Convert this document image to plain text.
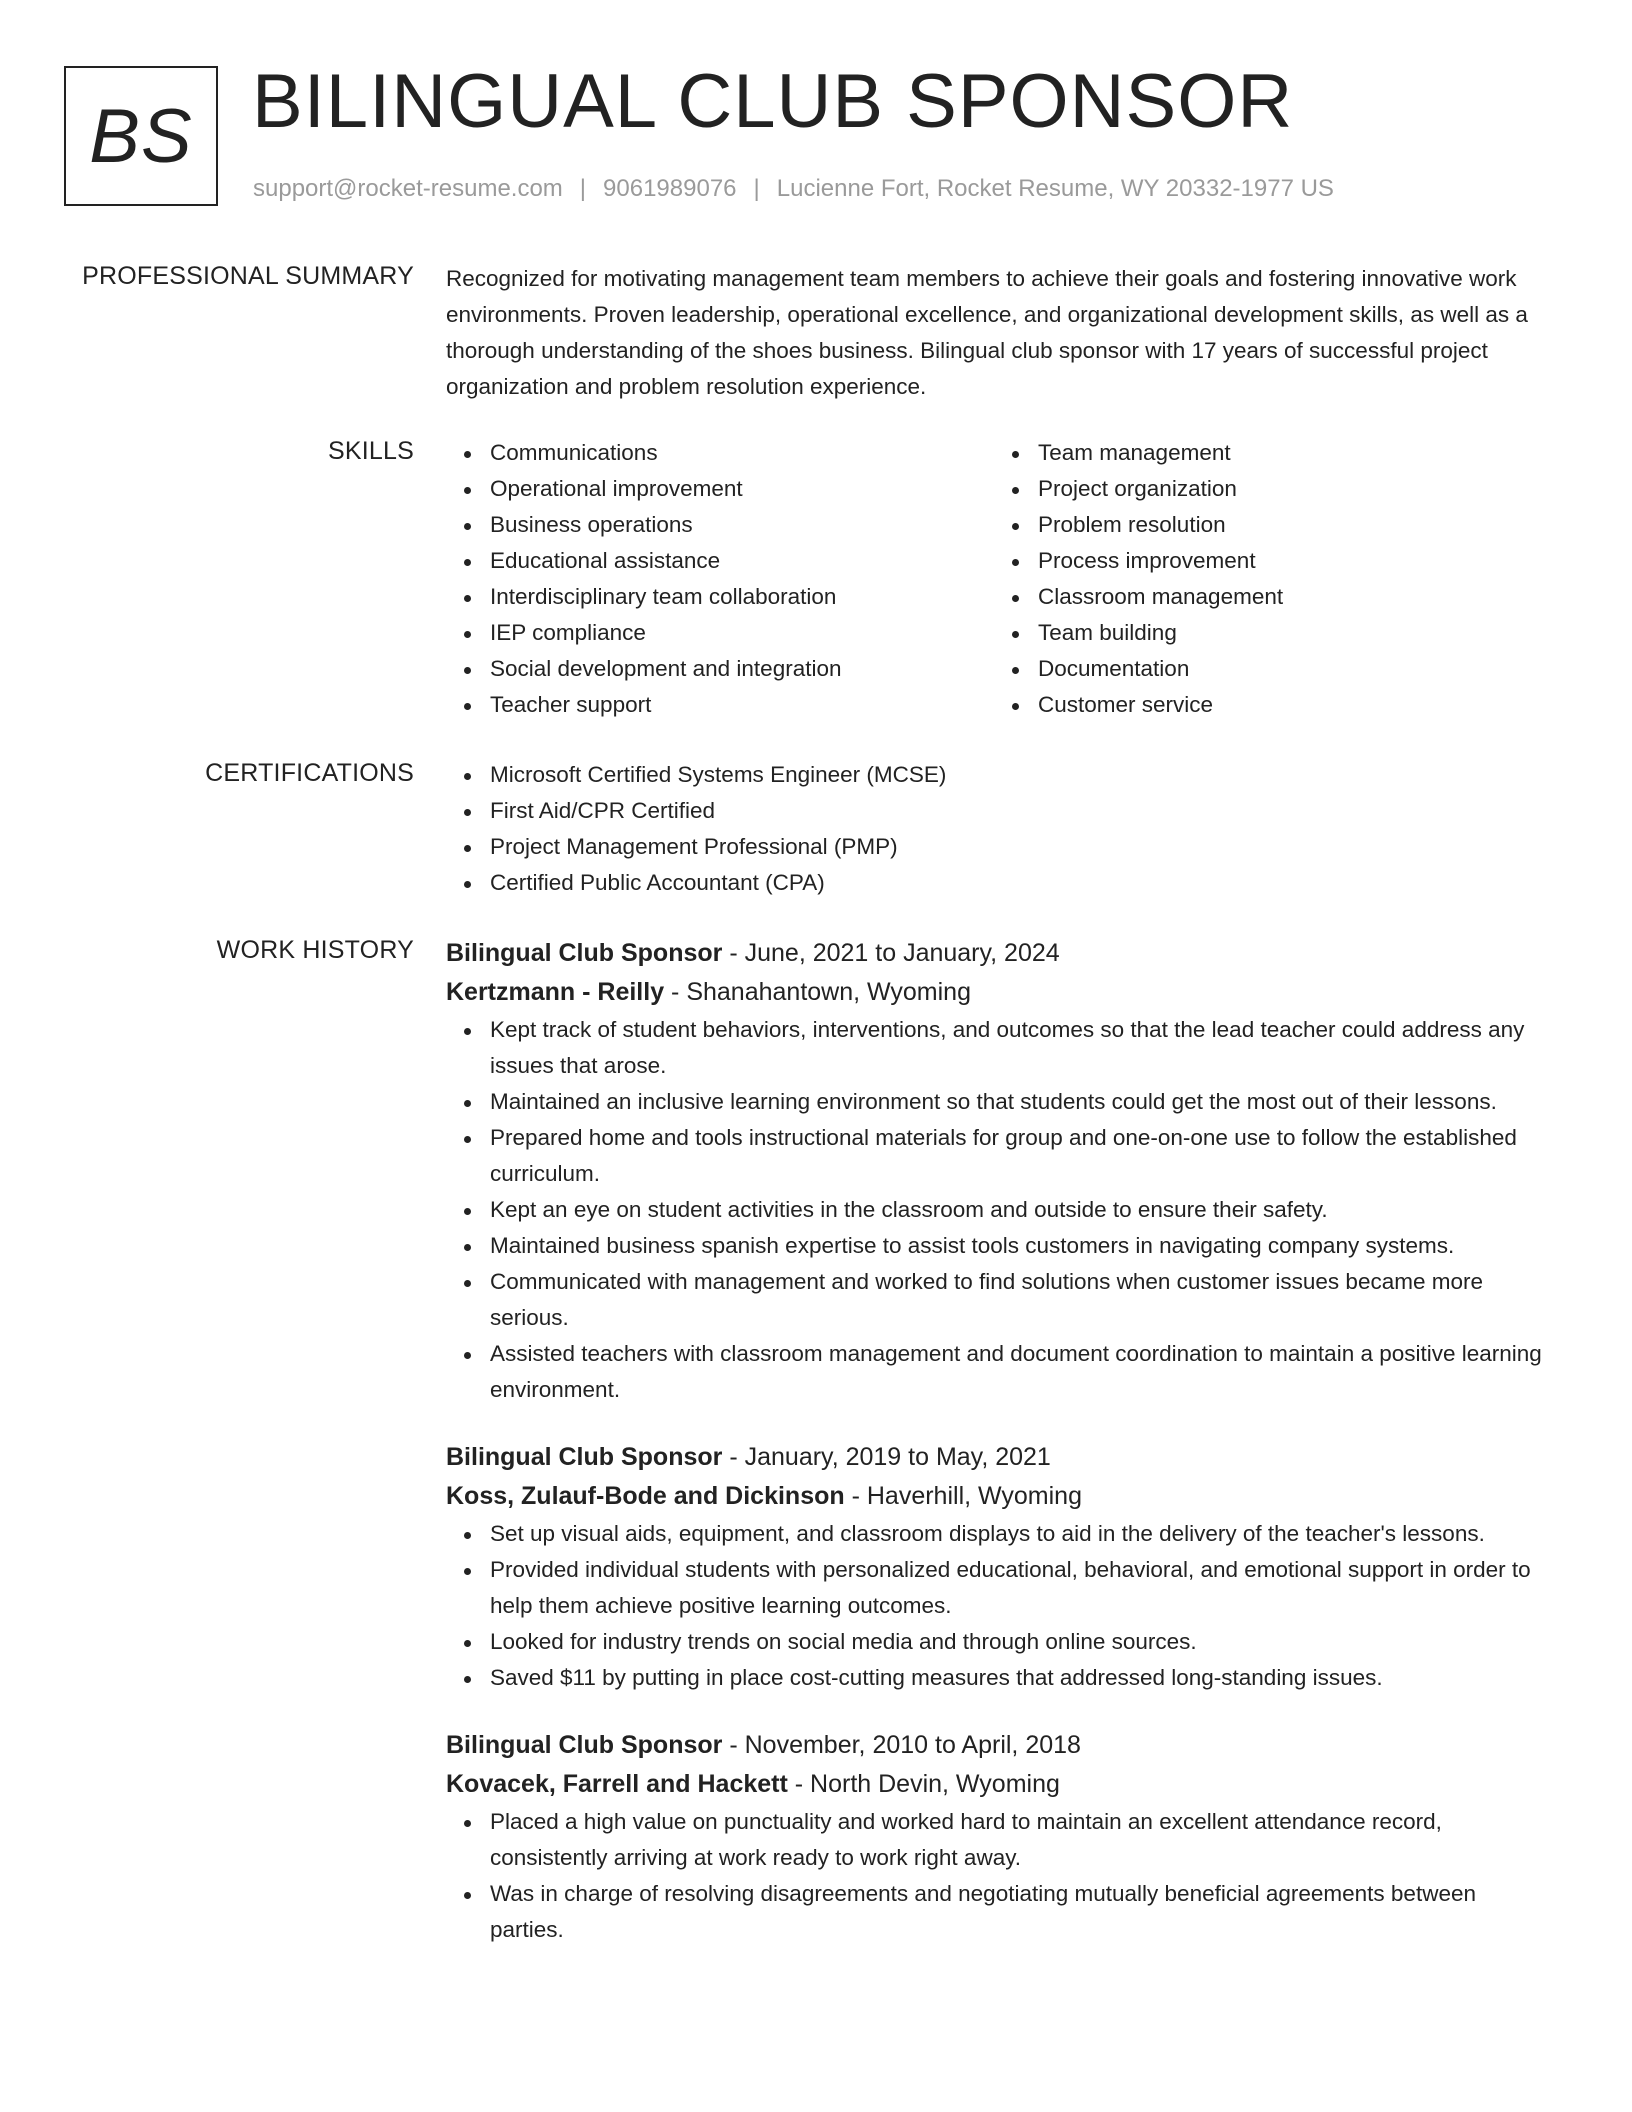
BS BILINGUAL CLUB SPONSOR
support@rocket-resume.com | 9061989076 | Lucienne Fort, Rocket Resume, WY 20332-1977 US
PROFESSIONAL SUMMARY Recognized for motivating management team members to achieve their goals and fostering innovative work environments. Proven leadership, operational excellence, and organizational development skills, as well as a thorough understanding of the shoes business. Bilingual club sponsor with 17 years of successful project organization and problem resolution experience.

SKILLS	Communications
Operational improvement
Business operations
Educational assistance
Interdisciplinary team collaboration
IEP compliance
Social development and integration
Teacher support
Team management
Project organization
Problem resolution
Process improvement
Classroom management
Team building
Documentation
Customer service
CERTIFICATIONS	Microsoft Certified Systems Engineer (MCSE)
First Aid/CPR Certified
Project Management Professional (PMP)
Certified Public Accountant (CPA)
WORK HISTORY Bilingual Club Sponsor - June, 2021 to January, 2024
Kertzmann - Reilly - Shanahantown, Wyoming
Kept track of student behaviors, interventions, and outcomes so that the lead teacher could address any issues that arose.
Maintained an inclusive learning environment so that students could get the most out of their lessons.
Prepared home and tools instructional materials for group and one-on-one use to follow the established curriculum.
Kept an eye on student activities in the classroom and outside to ensure their safety.
Maintained business spanish expertise to assist tools customers in navigating company systems.
Communicated with management and worked to find solutions when customer issues became more serious.
Assisted teachers with classroom management and document coordination to maintain a positive learning environment.
Bilingual Club Sponsor - January, 2019 to May, 2021
Koss, Zulauf-Bode and Dickinson - Haverhill, Wyoming
Set up visual aids, equipment, and classroom displays to aid in the delivery of the teacher's lessons.
Provided individual students with personalized educational, behavioral, and emotional support in order to help them achieve positive learning outcomes.
Looked for industry trends on social media and through online sources.
Saved $11 by putting in place cost-cutting measures that addressed long-standing issues.
Bilingual Club Sponsor - November, 2010 to April, 2018
Kovacek, Farrell and Hackett - North Devin, Wyoming
Placed a high value on punctuality and worked hard to maintain an excellent attendance record, consistently arriving at work ready to work right away.
Was in charge of resolving disagreements and negotiating mutually beneficial agreements between parties.
